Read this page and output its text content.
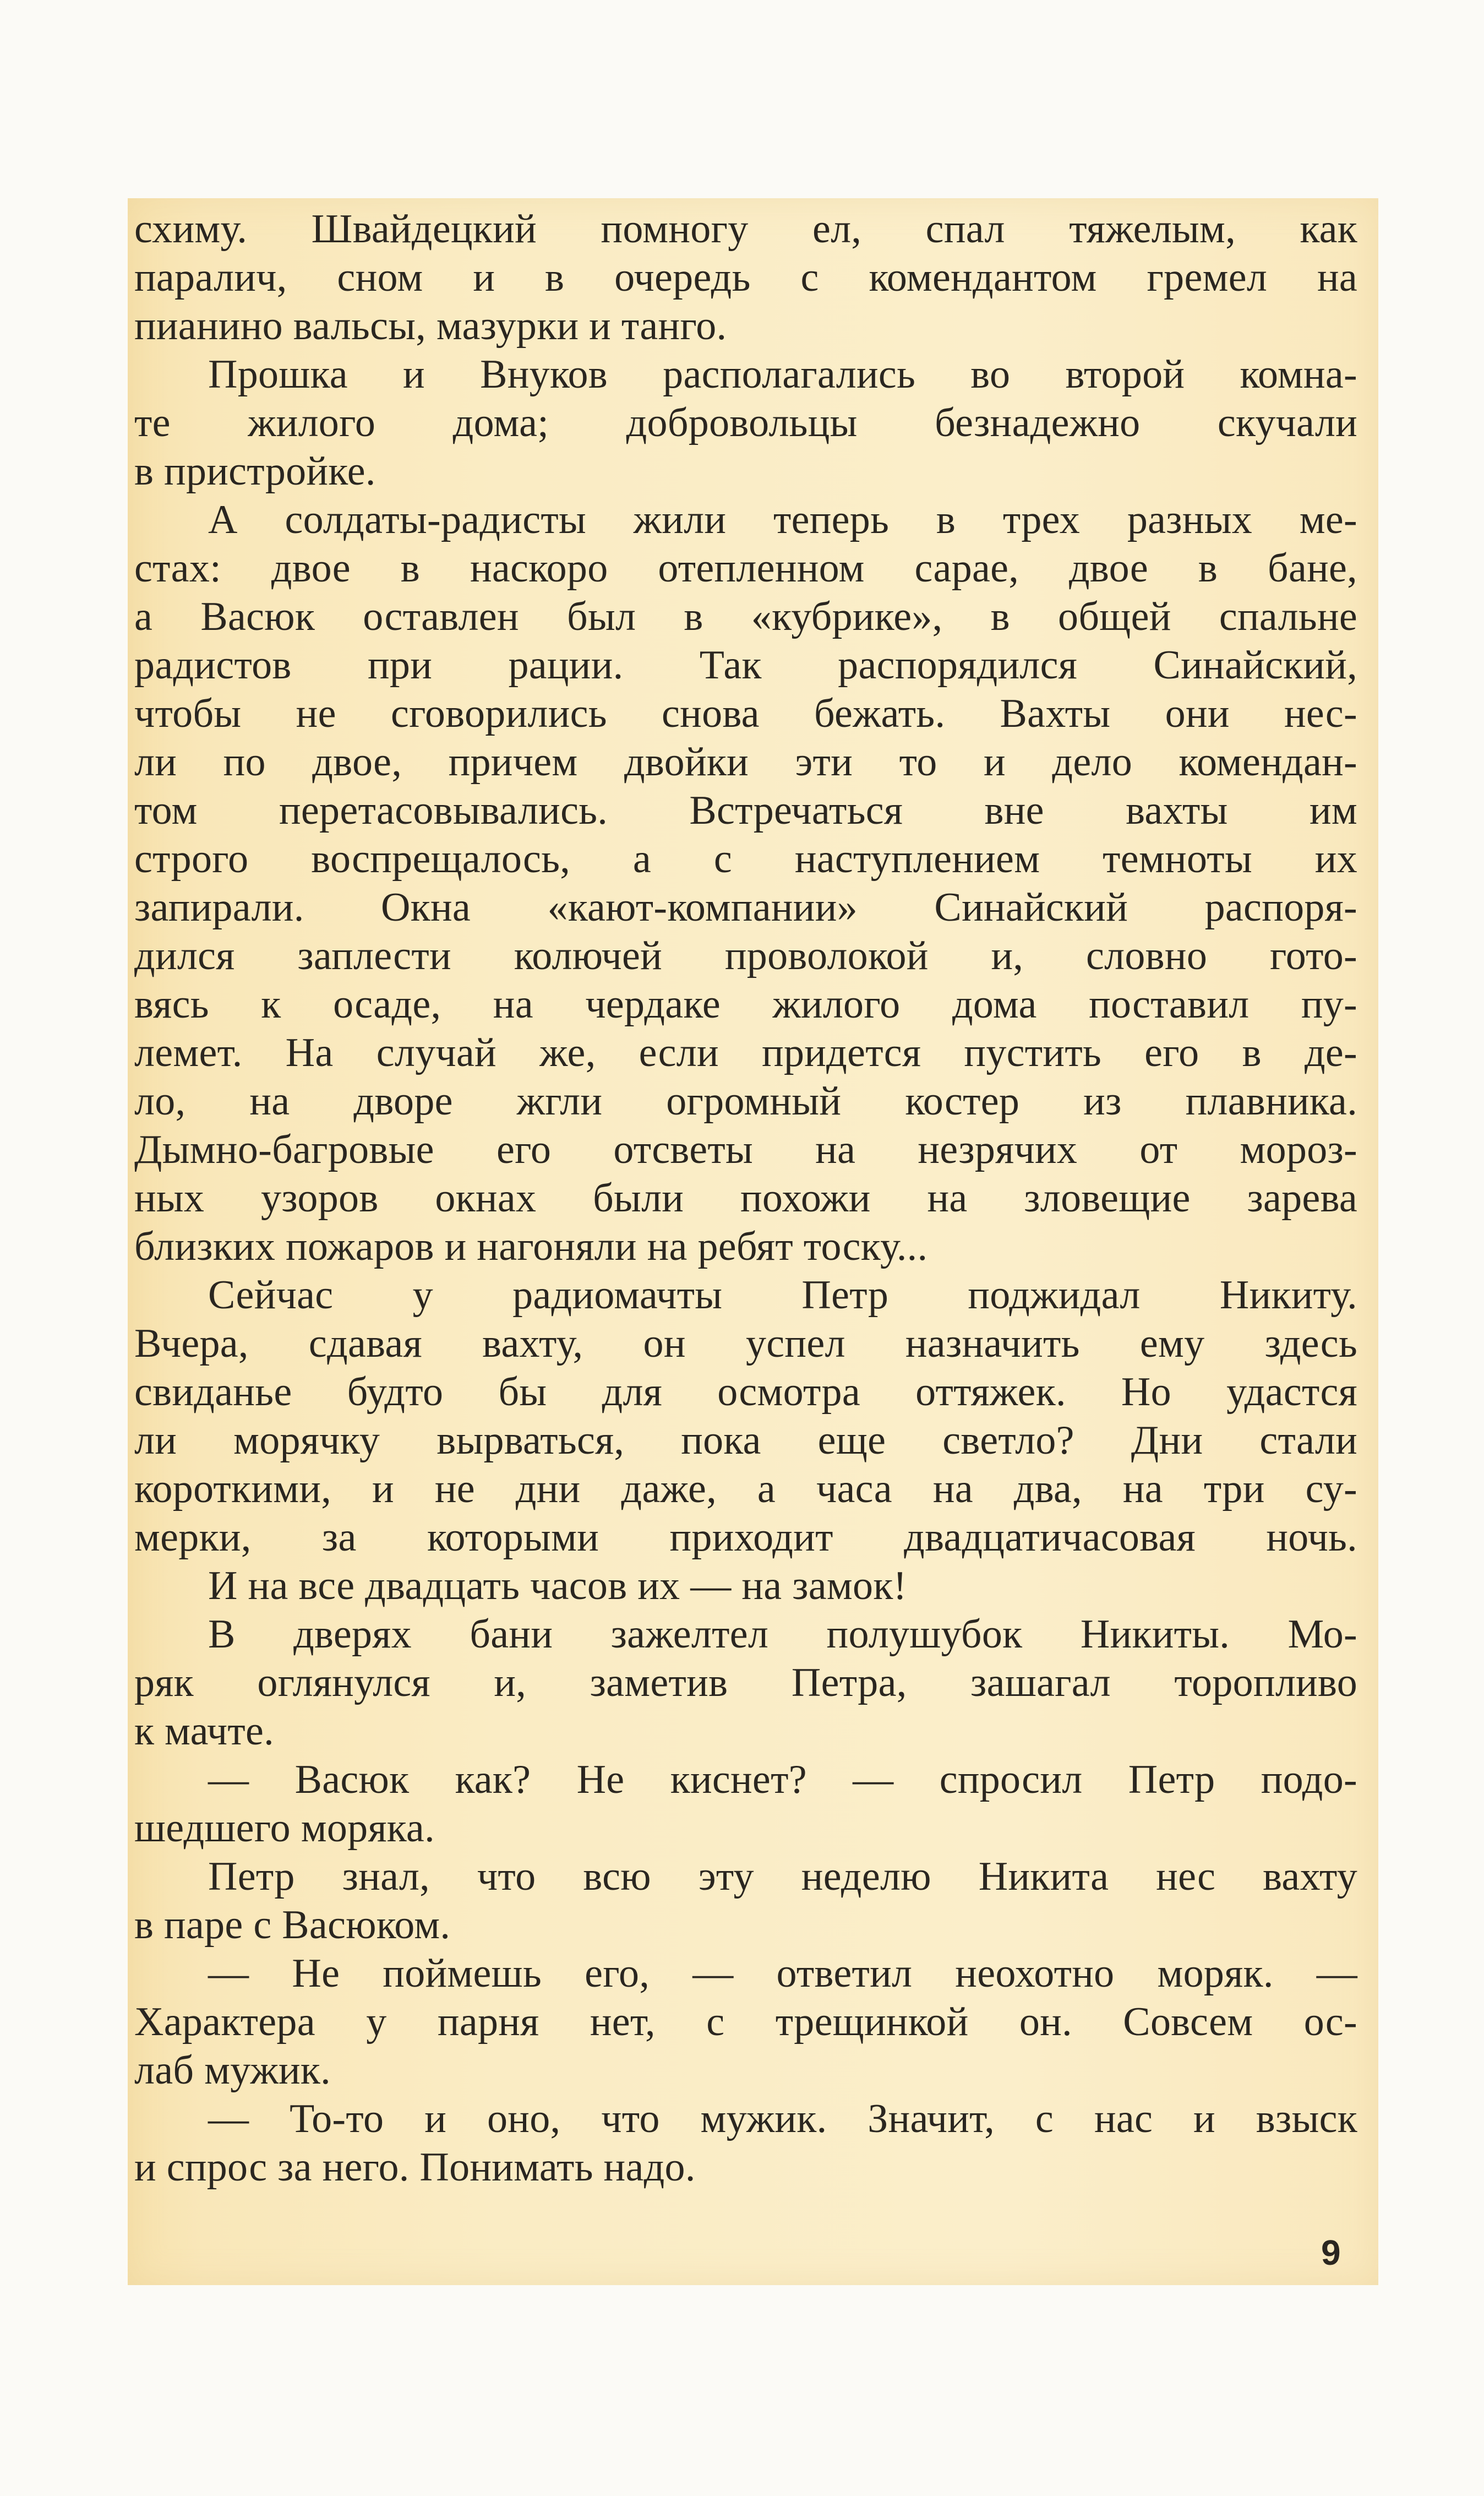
схиму. Швайдецкий помногу ел, спал тяжелым, как
паралич, сном и в очередь с комендантом гремел на
пианино вальсы, мазурки и танго.
Прошка и Внуков располагались во второй комна-
те жилого дома; добровольцы безнадежно скучали
в пристройке.
А солдаты-радисты жили теперь в трех разных ме-
стах: двое в наскоро отепленном сарае, двое в бане,
а Васюк оставлен был в «кубрике», в общей спальне
радистов при рации. Так распорядился Синайский,
чтобы не сговорились снова бежать. Вахты они нес-
ли по двое, причем двойки эти то и дело комендан-
том перетасовывались. Встречаться вне вахты им
строго воспрещалось, а с наступлением темноты их
запирали. Окна «кают-компании» Синайский распоря-
дился заплести колючей проволокой и, словно гото-
вясь к осаде, на чердаке жилого дома поставил пу-
лемет. На случай же, если придется пустить его в де-
ло, на дворе жгли огромный костер из плавника.
Дымно-багровые его отсветы на незрячих от мороз-
ных узоров окнах были похожи на зловещие зарева
близких пожаров и нагоняли на ребят тоску...
Сейчас у радиомачты Петр поджидал Никиту.
Вчера, сдавая вахту, он успел назначить ему здесь
свиданье будто бы для осмотра оттяжек. Но удастся
ли морячку вырваться, пока еще светло? Дни стали
короткими, и не дни даже, а часа на два, на три су-
мерки, за которыми приходит двадцатичасовая ночь.
И на все двадцать часов их — на замок!
В дверях бани зажелтел полушубок Никиты. Мо-
ряк оглянулся и, заметив Петра, зашагал торопливо
к мачте.
— Васюк как? Не киснет? — спросил Петр подо-
шедшего моряка.
Петр знал, что всю эту неделю Никита нес вахту
в паре с Васюком.
— Не поймешь его, — ответил неохотно моряк. —
Характера у парня нет, с трещинкой он. Совсем ос-
лаб мужик.
— То-то и оно, что мужик. Значит, с нас и взыск
и спрос за него. Понимать надо.
9
